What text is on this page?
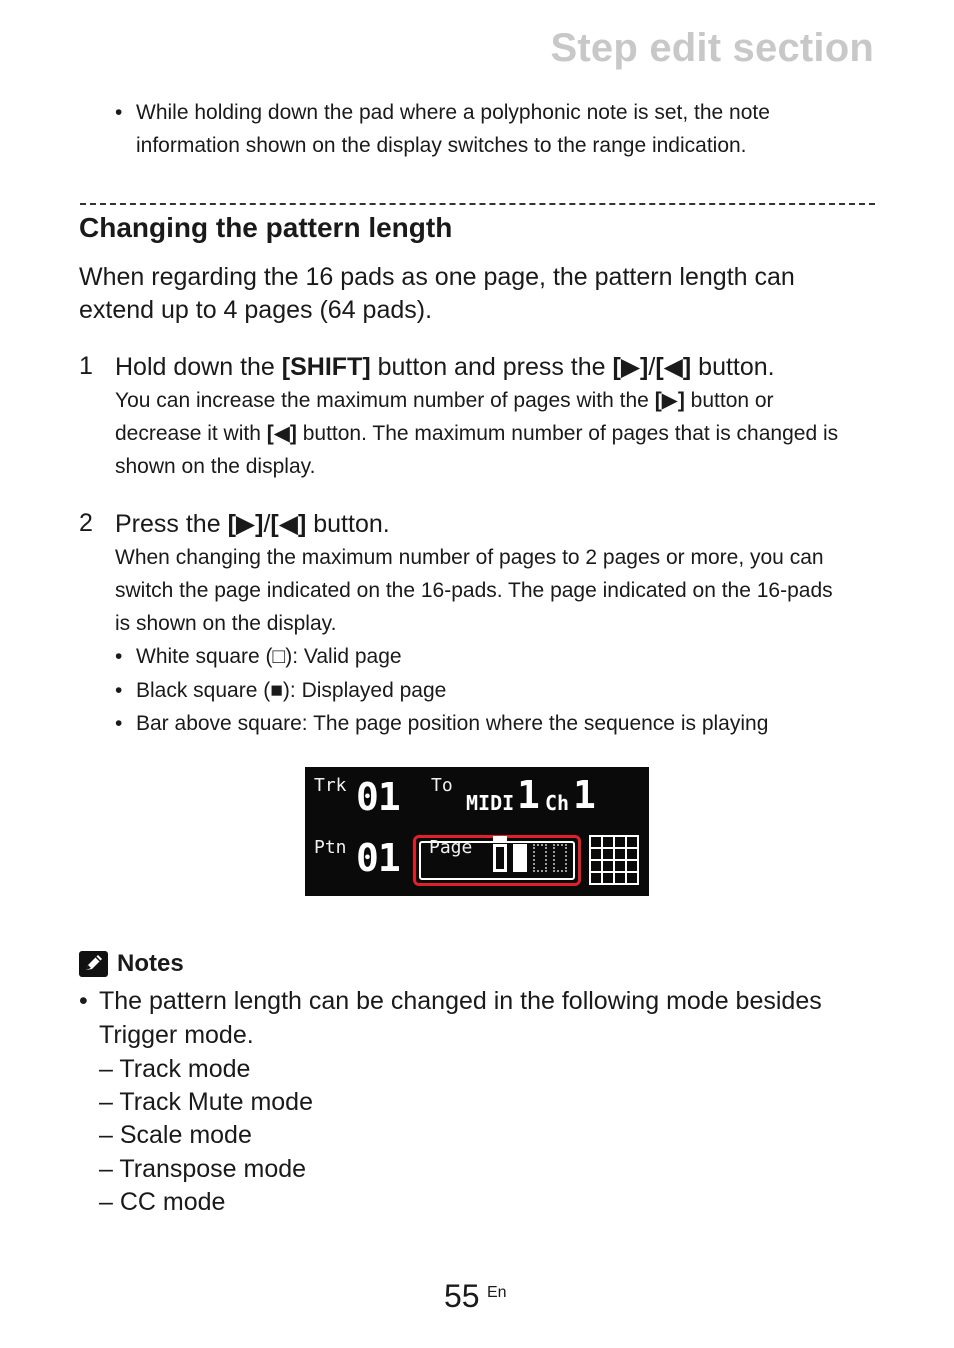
Step edit section
• While holding down the pad where a polyphonic note is set, the note
information shown on the display switches to the range indication.
Changing the pattern length
When regarding the 16 pads as one page, the pattern length can
extend up to 4 pages (64 pads).
1 Hold down the [SHIFT] button and press the [▶]/[◀] button.
You can increase the maximum number of pages with the [▶] button or
decrease it with [◀] button. The maximum number of pages that is changed is
shown on the display.
2 Press the [▶]/[◀] button.
When changing the maximum number of pages to 2 pages or more, you can
switch the page indicated on the 16-pads. The page indicated on the 16-pads
is shown on the display.
• White square (□): Valid page
• Black square (■): Displayed page
• Bar above square: The page position where the sequence is playing
Trk 01 To
MIDI 1 Ch 1
Ptn 01 Page
Notes
• The pattern length can be changed in the following mode besides
Trigger mode.
– Track mode
– Track Mute mode
– Scale mode
– Transpose mode
– CC mode
55 En
